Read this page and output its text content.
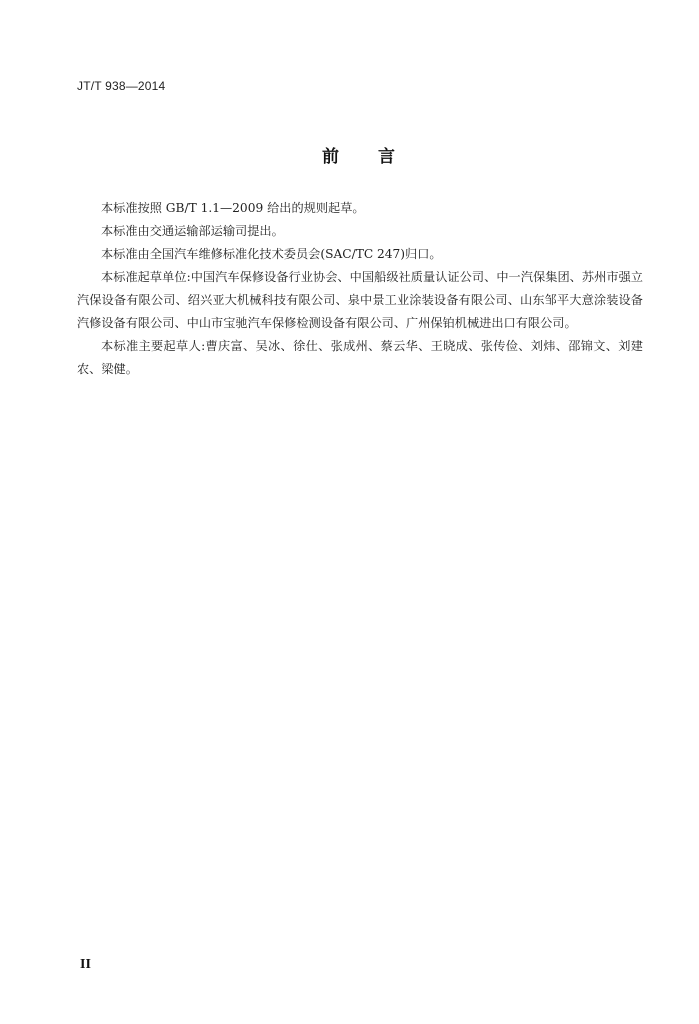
JT/T 938—2014
前 言

本标准按照 GB/T 1.1—2009 给出的规则起草。

本标准由交通运输部运输司提出。

本标准由全国汽车维修标准化技术委员会(SAC/TC 247)归口。

本标准起草单位:中国汽车保修设备行业协会、中国船级社质量认证公司、中一汽保集团、苏州市强立汽保设备有限公司、绍兴亚大机械科技有限公司、泉中景工业涂装设备有限公司、山东邹平大意涂装设备汽修设备有限公司、中山市宝驰汽车保修检测设备有限公司、广州保铂机械进出口有限公司。

本标准主要起草人:曹庆富、吴冰、徐仕、张成州、蔡云华、王晓成、张传俭、刘炜、邵锦文、刘建农、梁健。

II
